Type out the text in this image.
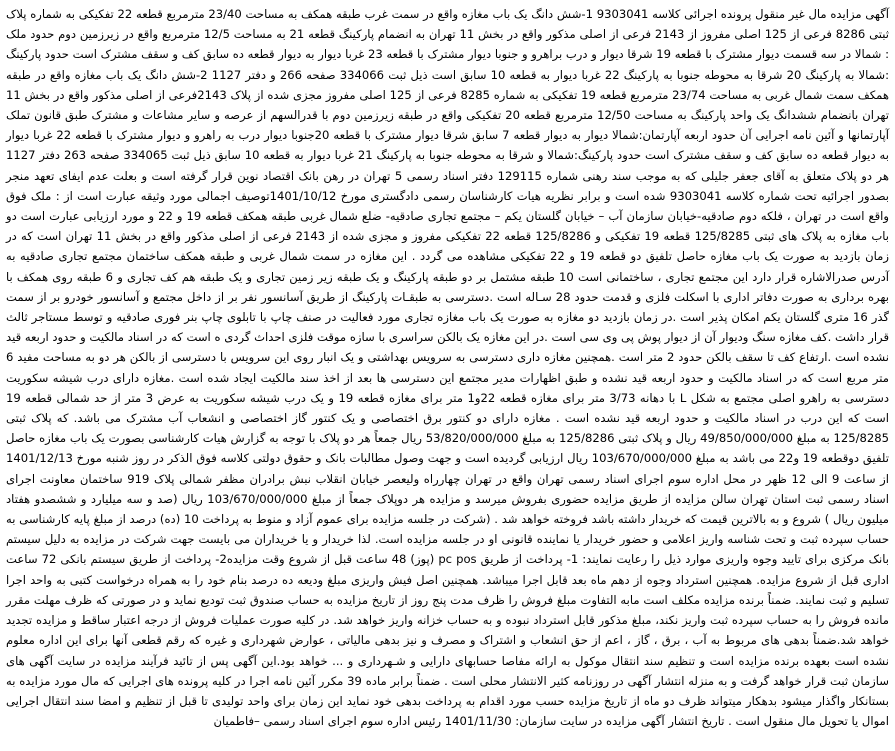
آگهی مزایده مال غیر منقول پرونده اجرائی کلاسه 9303041 1-شش دانگ یک باب مغازه واقع در سمت غرب طبقه همکف به مساحت 23/40 مترمربع قطعه 22 تفکیکی به شماره پلاک ثبتی 8286 فرعی از 125 اصلی مفروز از 2143 فرعی از اصلی مذکور واقع در بخش 11 تهران به انضمام پارکینگ قطعه 21 به مساحت 12/5 مترمربع واقع در زیرزمین دوم حدود ملک : شمالا در سه قسمت دیوار مشترک با قطعه 19 شرقا دیوار و درب براهرو و جنوبا دیوار مشترک با قطعه 23 غربا دیوار به دیوار قطعه ده سابق کف و سقف مشترک است حدود پارکینگ :شمالا به پارکینگ 20 شرقا به محوطه جنوبا به پارکینگ 22 غربا دیوار به قطعه 10 سابق است ذیل ثبت 334066 صفحه 266 و دفتر 1127 2-شش دانگ یک باب مغازه واقع در طبقه همکف سمت شمال غربی به مساحت 23/74 مترمربع قطعه 19 تفکیکی به شماره 8285 فرعی از 125 اصلی مفروز مجزی شده از پلاک 2143فرعی از اصلی مذکور واقع در بخش 11 تهران بانضمام ششدانگ یک واحد پارکینگ به مساحت 12/50 مترمربع قطعه 20 تفکیکی واقع در طبقه زیرزمین دوم با قدرالسهم از عرصه و سایر مشاعات و مشترک طبق قانون تملک آپارتمانها و آئین نامه اجرایی آن حدود اربعه آپارتمان:شمالا دیوار به دیوار قطعه 7 سابق شرقا دیوار مشترک با قطعه 20جنوبا دیوار درب به راهرو و دیوار مشترک با قطعه 22 غربا دیوار به دیوار قطعه ده سابق کف و سقف مشترک است حدود پارکینگ:شمالا و شرقا به محوطه جنوبا به پارکینگ 21 غربا دیوار به قطعه 10 سابق ذیل ثبت 334065 صفحه 263 دفتر 1127 هر دو پلاک متعلق به آقای جعفر جلیلی که به موجب سند رهنی شماره 129115 دفتر اسناد رسمی 5 تهران در رهن بانک اقتصاد نوین قرار گرفته است و بعلت عدم ایفای تعهد منجر بصدور اجرائیه تحت شماره کلاسه 9303041 شده است و برابر نظریه هیات کارشناسان رسمی دادگستری مورخ 1401/10/12توصیف اجمالی مورد وثیقه عبارت است از : ملک فوق واقع است در تهران ، فلکه دوم صادقیه-خیابان سازمان آب – خیابان گلستان یکم – مجتمع تجاری صادقیه- ضلع شمال غربی طبقه همکف قطعه 19 و 22 و مورد ارزیابی عبارت است دو باب مغازه به پلاک های ثبتی 125/8285 قطعه 19 تفکیکی و 125/8286 قطعه 22 تفکیکی مفروز و مجزی شده از 2143 فرعی از اصلی مذکور واقع در بخش 11 تهران است که در زمان بازدید به صورت یک باب مغازه حاصل تلفیق دو قطعه 19 و 22 تفکیکی مشاهده می گردد . این مغازه در سمت شمال غربی و طبقه همکف ساختمان مجتمع تجاری صادقیه به آدرس صدرالاشاره قرار دارد این مجتمع تجاری ، ساختمانی است 10 طبقه مشتمل بر دو طبقه پارکینگ و یک طبقه زیر زمین تجاری و یک طبقه هم کف تجاری و 6 طبقه روی همکف با بهره برداری به صورت دفاتر اداری با اسکلت فلزی و قدمت حدود 28 سـاله است .دسترسی به طبقـات پارکینگ از طریق آسانسور نفر بر از داخل مجتمع و آسانسور خودرو بر از سمت گذر 16 متری گلستان یکم امکان پذیر است .در زمان بازدید دو مغازه به صورت یک باب مغازه تجاری مورد فعالیت در صنف چاپ با تابلوی چاپ بنر فوری صادقیه و توسط مستاجر ثالث قرار داشت .کف مغازه سنگ ودیوار آن از دیوار پوش پی وی سی است .در این مغازه یک بالکن سراسری با سازه موقت فلزی احداث گردی ه است که در اسناد مالکیت و حدود اربعه قید نشده است .ارتفاع کف تا سقف بالکن حدود 2 متر است .همچنین مغازه داری دسترسی به سرویس بهداشتی و یک انبار روی این سرویس با دسترسی از بالکن هر دو به مساحت مفید 6 متر مربع است که در اسناد مالکیت و حدود اربعه قید نشده و طبق اظهارات مدیر مجتمع این دسترسی ها بعد از اخذ سند مالکیت ایجاد شده است .مغازه دارای درب شیشه سکوریت دسترسی به راهرو اصلی مجتمع به شکل L با دهانه 3/73 متر برای مغازه قطعه 22و1 متر برای مغازه قطعه 19 و یک درب شیشه سکوریت به عرض 3 متر از حد شمالی قطعه 19 است که این درب در اسناد مالکیت و حدود اربعه قید نشده است . مغازه دارای دو کنتور برق اختصاصی و یک کنتور گاز اختصاصی و انشعاب آب مشترک می باشد. که پلاک ثبتی 125/8285 به مبلغ 49/850/000/000 ریال و پلاک ثبتی 125/8286 به مبلغ 53/820/000/000 ریال جمعاً هر دو پلاک با توجه به گزارش هیات کارشناسی بصورت یک باب مغازه حاصل تلفیق دوقطعه 19 و22 می باشد به مبلغ 103/670/000/000 ریال ارزیابی گردیده است و جهت وصول مطالبات بانک و حقوق دولتی کلاسه فوق الذکر در روز شنبه مورخ 1401/12/13 از ساعت 9 الی 12 ظهر در محل اداره سوم اجرای اسناد رسمی تهران واقع در تهران چهارراه ولیعصر خیابان انقلاب نبش برادران مظفر شمالی پلاک 919 ساختمان معاونت اجرای اسناد رسمی ثبت استان تهران سالن مزایده از طریق مزایده حضوری بفروش میرسد و مزایده هر دوپلاک جمعاً از مبلغ 103/670/000/000 ریال (صد و سه میلیارد و ششصدو هفتاد میلیون ریال ) شروع و به بالاترین قیمت که خریدار داشته باشد فروخته خواهد شد . (شرکت در جلسه مزایده برای عموم آزاد و منوط به پرداخت 10 (ده) درصد از مبلغ پایه کارشناسی به حساب سپرده ثبت و تحت شناسه واریز اعلامی و حضور خریدار یا نماینده قانونی او در جلسه مزایده است. لذا خریدار و یا خریداران می بایست جهت شرکت در مزایده به دلیل سیستم بانک مرکزی برای تایید وجوه واریزی موارد ذیل را رعایت نمایند: 1- پرداخت از طریق pc pos (پوز) 48 ساعت قبل از شروع وقت مزایده2- پرداخت از طریق سیستم بانکی 72 ساعت اداری قبل از شروع مزایده. همچنین استرداد وجوه از دهم ماه بعد قابل اجرا میباشد. همچنین اصل فیش واریزی مبلغ ودیعه ده درصد بنام خود را به همراه درخواست کتبی به واحد اجرا تسلیم و ثبت نمایند. ضمناً برنده مزایده مکلف است مابه التفاوت مبلغ فروش را ظرف مدت پنج روز از تاریخ مزایده به حساب صندوق ثبت تودیع نماید و در صورتی که ظرف مهلت مقرر مانده فروش را به حساب سپرده ثبت واریز نکند، مبلغ مذکور قابل استرداد نبوده و به حساب خزانه واریز خواهد شد. در کلیه صورت عملیات فروش از درجه اعتبار ساقط و مزایده تجدید خواهد شد.ضمناً بدهی های مربوط به آب ، برق ، گاز ، اعم از حق انشعاب و اشتراک و مصرف و نیز بدهی مالیاتی ، عوارض شهرداری و غیره که رقم قطعی آنها برای این اداره معلوم نشده است بعهده برنده مزایده است و تنظیم سند انتقال موکول به ارائه مفاصا حسابهای دارایی و شـهرداری و ... خواهد بود.این آگهی پس از تائید فرآیند مزایده در سایت آگهی های سازمان ثبت قرار خواهد گرفت و به منزله انتشار آگهی در روزنامه کثیر الانتشار محلی است . ضمناً برابر ماده 39 مکرر آئین نامه اجرا در کلیه پرونده های اجرایی که مال مورد مزایده به بستانکار واگذار میشود بدهکار میتواند ظرف دو ماه از تاریخ مزایده حسب مورد اقدام به پرداخت بدهی خود نماید این زمان برای واحد تولیدی تا قبل از تنظیم و امضا سند انتقال اجرایی اموال یا تحویل مال منقول است . تاریخ انتشار آگهی مزایده در سایت سازمان: 1401/11/30 رئیس اداره سوم اجرای اسناد رسمی –فاطمیان
